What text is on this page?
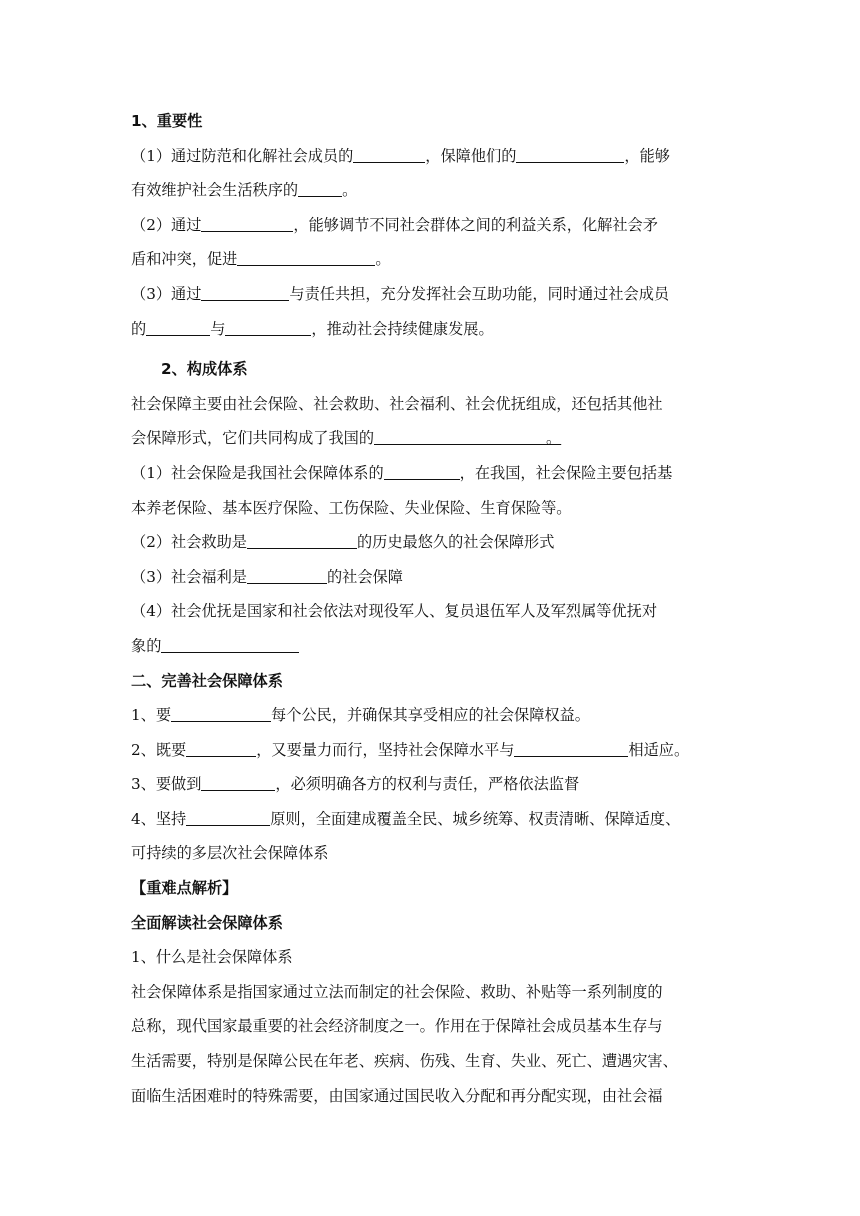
1、重要性

（1）通过防范和化解社会成员的	，保障他们的	，能够

有效维护社会生活秩序的	。

（2）通过	，能够调节不同社会群体之间的利益关系，化解社会矛

盾和冲突，促进	。

（3）通过	与责任共担，充分发挥社会互助功能，同时通过社会成员

的	与	，推动社会持续健康发展。

2、构成体系

社会保障主要由社会保险、社会救助、社会福利、社会优抚组成，还包括其他社

会保障形式，它们共同构成了我国的	。

（1）社会保险是我国社会保障体系的	，在我国，社会保险主要包括基

本养老保险、基本医疗保险、工伤保险、失业保险、生育保险等。

（2）社会救助是	的历史最悠久的社会保障形式

（3）社会福利是	的社会保障

（4）社会优抚是国家和社会依法对现役军人、复员退伍军人及军烈属等优抚对

象的

二、完善社会保障体系

1、要	每个公民，并确保其享受相应的社会保障权益。

2、既要	，又要量力而行，坚持社会保障水平与	相适应。

3、要做到	，必须明确各方的权利与责任，严格依法监督

4、坚持	原则，全面建成覆盖全民、城乡统筹、权责清晰、保障适度、

可持续的多层次社会保障体系

【重难点解析】

全面解读社会保障体系

1、什么是社会保障体系

社会保障体系是指国家通过立法而制定的社会保险、救助、补贴等一系列制度的

总称，现代国家最重要的社会经济制度之一。作用在于保障社会成员基本生存与

生活需要，特别是保障公民在年老、疾病、伤残、生育、失业、死亡、遭遇灾害、

面临生活困难时的特殊需要，由国家通过国民收入分配和再分配实现，由社会福
